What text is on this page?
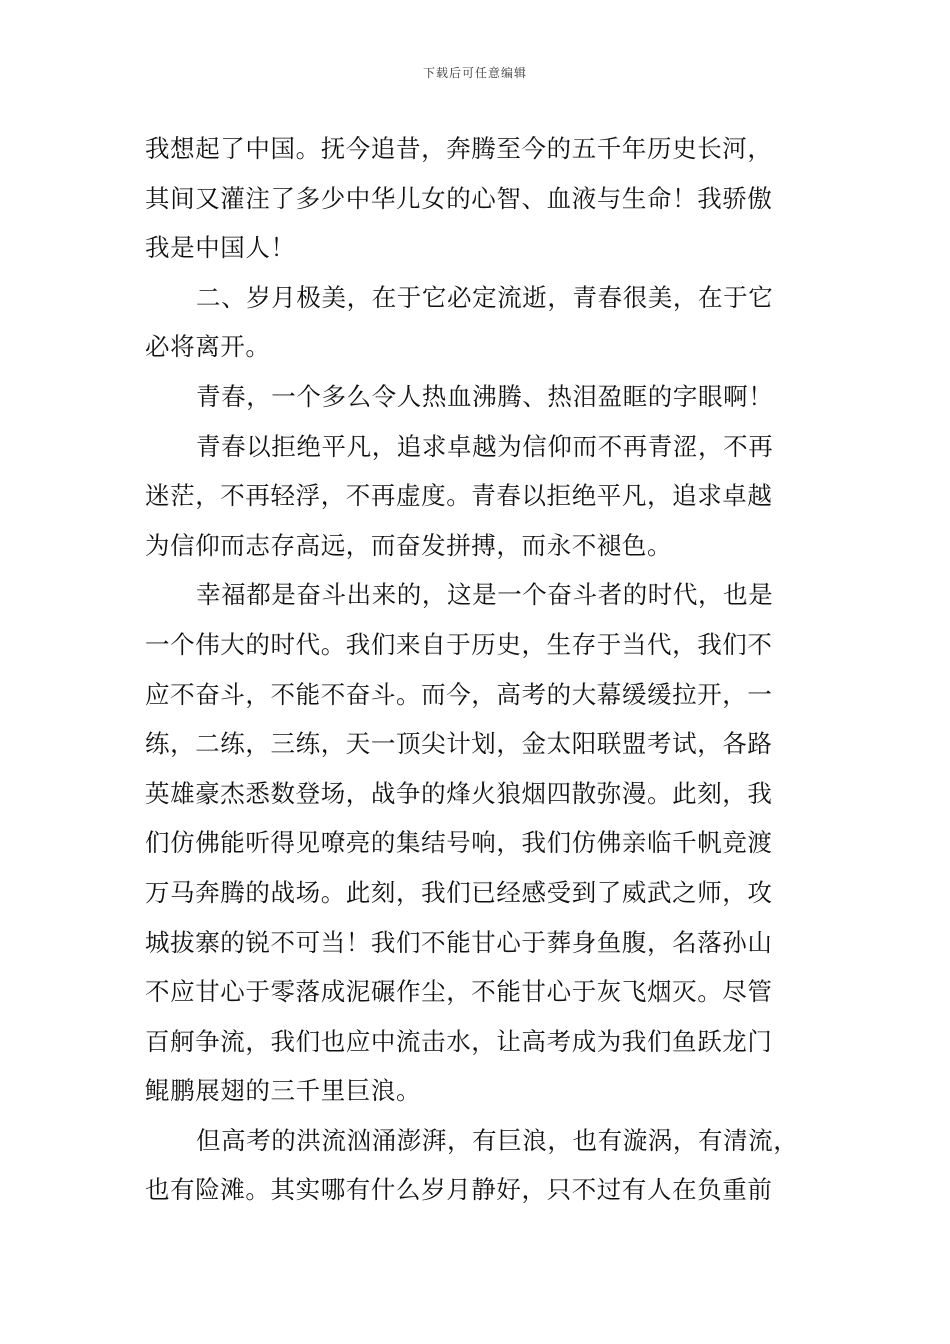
下载后可任意编辑
我想起了中国。抚今追昔，奔腾至今的五千年历史长河，
其间又灌注了多少中华儿女的心智、血液与生命！我骄傲
我是中国人！
二、岁月极美，在于它必定流逝，青春很美，在于它
必将离开。
青春，一个多么令人热血沸腾、热泪盈眶的字眼啊！
青春以拒绝平凡，追求卓越为信仰而不再青涩，不再
迷茫，不再轻浮，不再虚度。青春以拒绝平凡，追求卓越
为信仰而志存高远，而奋发拼搏，而永不褪色。
幸福都是奋斗出来的，这是一个奋斗者的时代，也是
一个伟大的时代。我们来自于历史，生存于当代，我们不
应不奋斗，不能不奋斗。而今，高考的大幕缓缓拉开，一
练，二练，三练，天一顶尖计划，金太阳联盟考试，各路
英雄豪杰悉数登场，战争的烽火狼烟四散弥漫。此刻，我
们仿佛能听得见嘹亮的集结号响，我们仿佛亲临千帆竞渡
万马奔腾的战场。此刻，我们已经感受到了威武之师，攻
城拔寨的锐不可当！我们不能甘心于葬身鱼腹，名落孙山
不应甘心于零落成泥碾作尘，不能甘心于灰飞烟灭。尽管
百舸争流，我们也应中流击水，让高考成为我们鱼跃龙门
鲲鹏展翅的三千里巨浪。
但高考的洪流汹涌澎湃，有巨浪，也有漩涡，有清流，
也有险滩。其实哪有什么岁月静好，只不过有人在负重前
